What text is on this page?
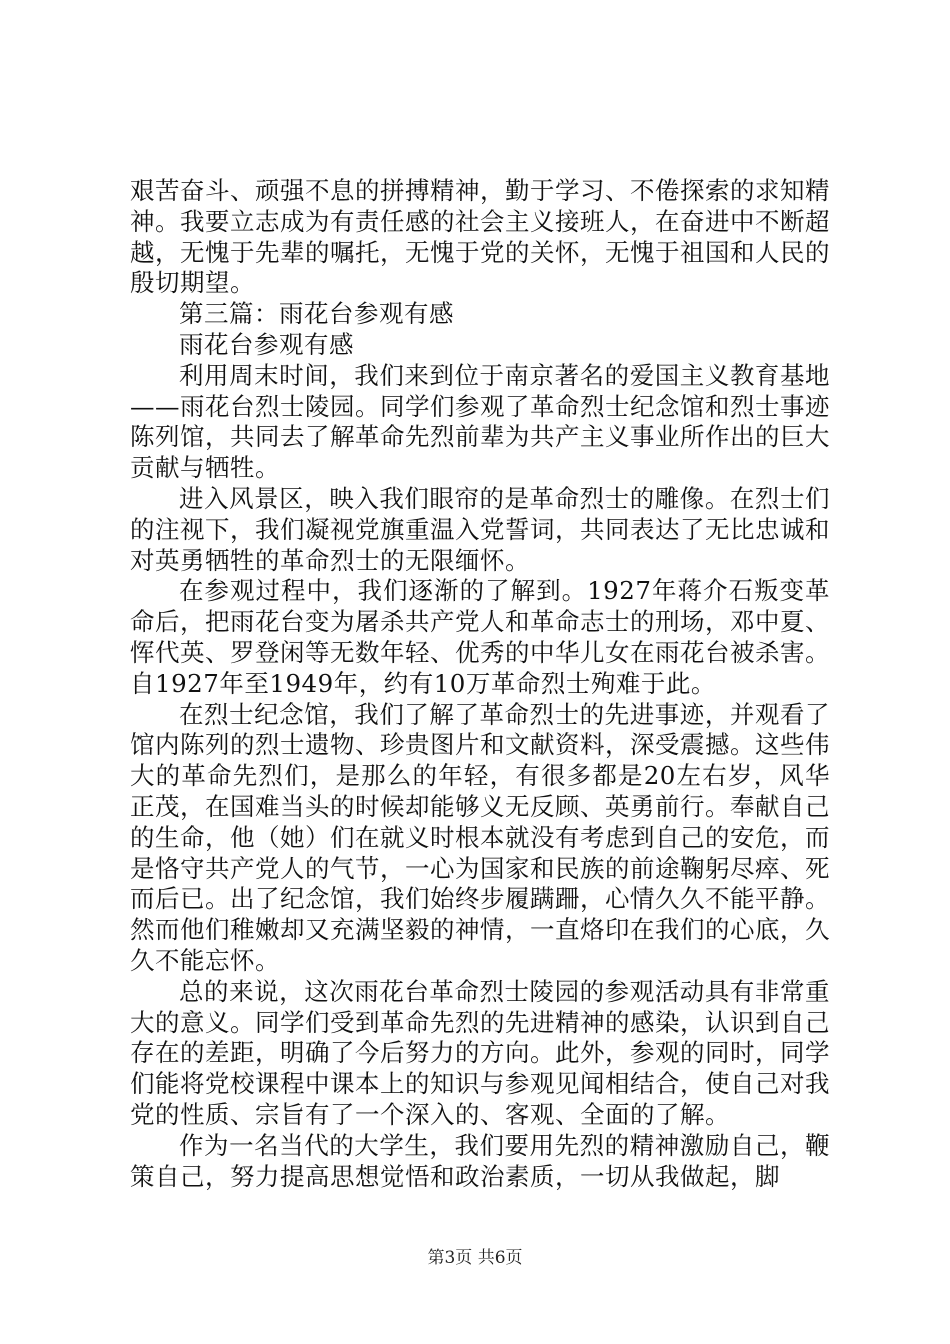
艰苦奋斗、顽强不息的拼搏精神，勤于学习、不倦探索的求知精神。我要立志成为有责任感的社会主义接班人，在奋进中不断超越，无愧于先辈的嘱托，无愧于党的关怀，无愧于祖国和人民的殷切期望。

第三篇：雨花台参观有感

雨花台参观有感

利用周末时间，我们来到位于南京著名的爱国主义教育基地——雨花台烈士陵园。同学们参观了革命烈士纪念馆和烈士事迹陈列馆，共同去了解革命先烈前辈为共产主义事业所作出的巨大贡献与牺牲。

进入风景区，映入我们眼帘的是革命烈士的雕像。在烈士们的注视下，我们凝视党旗重温入党誓词，共同表达了无比忠诚和对英勇牺牲的革命烈士的无限缅怀。

在参观过程中，我们逐渐的了解到。1927年蒋介石叛变革命后，把雨花台变为屠杀共产党人和革命志士的刑场，邓中夏、恽代英、罗登闲等无数年轻、优秀的中华儿女在雨花台被杀害。自1927年至1949年，约有10万革命烈士殉难于此。

在烈士纪念馆，我们了解了革命烈士的先进事迹，并观看了馆内陈列的烈士遗物、珍贵图片和文献资料，深受震撼。这些伟大的革命先烈们，是那么的年轻，有很多都是20左右岁，风华正茂，在国难当头的时候却能够义无反顾、英勇前行。奉献自己的生命，他（她）们在就义时根本就没有考虑到自己的安危，而是恪守共产党人的气节，一心为国家和民族的前途鞠躬尽瘁、死而后已。出了纪念馆，我们始终步履蹒跚，心情久久不能平静。然而他们稚嫩却又充满坚毅的神情，一直烙印在我们的心底，久久不能忘怀。

总的来说，这次雨花台革命烈士陵园的参观活动具有非常重大的意义。同学们受到革命先烈的先进精神的感染，认识到自己存在的差距，明确了今后努力的方向。此外，参观的同时，同学们能将党校课程中课本上的知识与参观见闻相结合，使自己对我党的性质、宗旨有了一个深入的、客观、全面的了解。

作为一名当代的大学生，我们要用先烈的精神激励自己，鞭策自己，努力提高思想觉悟和政治素质，一切从我做起，脚

第3页 共6页
